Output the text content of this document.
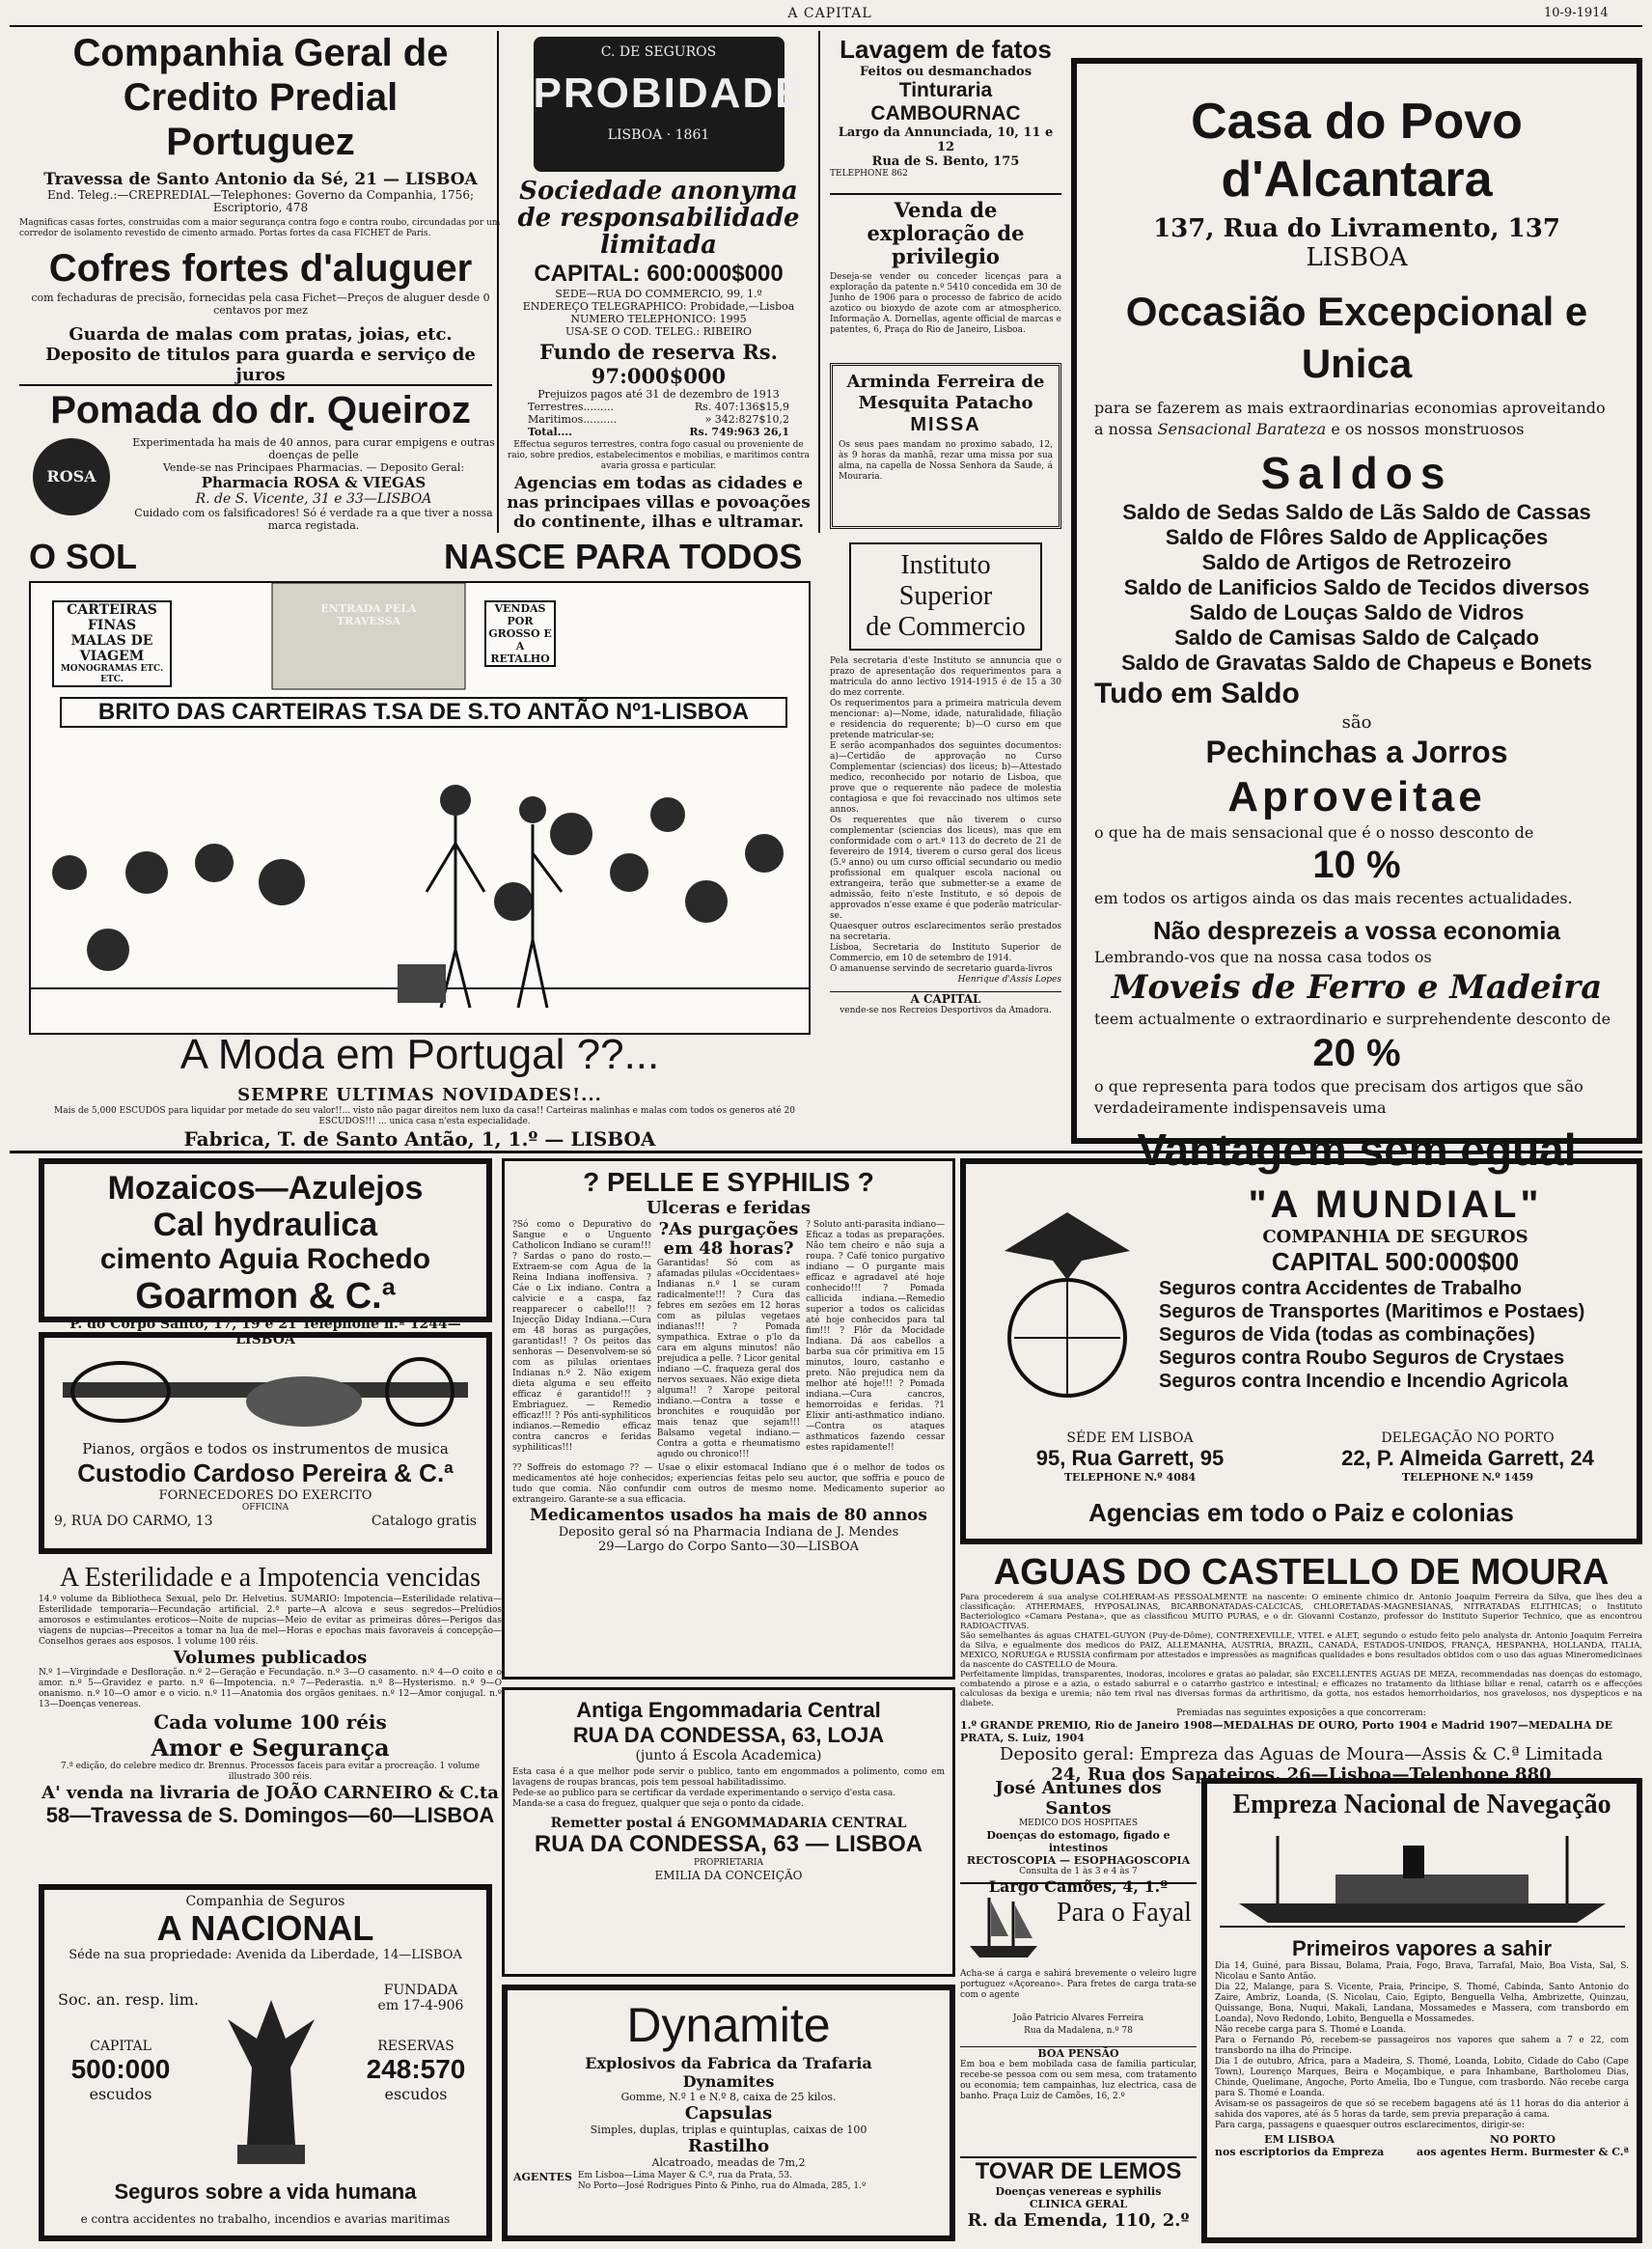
A CAPITAL	10-9-1914
Companhia Geral de Credito Predial
Portuguez
Travessa de Santo Antonio da Sé, 21 — LISBOA
End. Teleg.:—CREPREDIAL—Telephones: Governo da Companhia, 1756; Escriptorio, 478
Magnificas casas fortes, construidas com a maior segurança contra fogo e contra roubo, circundadas por um corredor de isolamento revestido de cimento armado. Portas fortes da casa FICHET de Paris.
Cofres fortes d'aluguer
com fechaduras de precisão, fornecidas pela casa Fichet—Preços de aluguer desde 0 centavos por mez
Guarda de malas com pratas, joias, etc.
Deposito de titulos para guarda e serviço de juros
Pomada do dr. Queiroz
ROSA
Experimentada ha mais de 40 annos, para curar empigens e outras doenças de pelle
Vende-se nas Principaes Pharmacias. — Deposito Geral:
Pharmacia ROSA & VIEGAS
R. de S. Vicente, 31 e 33—LISBOA
Cuidado com os falsificadores! Só é verdade ra a que tiver a nossa marca registada.
C. DE SEGUROS
PROBIDADE
LISBOA · 1861
Sociedade anonyma de responsabilidade limitada
CAPITAL: 600:000$000
SEDE—RUA DO COMMERCIO, 99, 1.º
ENDEREÇO TELEGRAPHICO: Probidade,—Lisboa
NUMERO TELEPHONICO: 1995
USA-SE O COD. TELEG.: RIBEIRO
Fundo de reserva Rs. 97:000$000
Prejuizos pagos até 31 de dezembro de 1913
Terrestres.........	Rs. 407:136$15,9
Maritimos..........	» 342:827$10,2
Total....	Rs. 749:963 26,1
Effectua seguros terrestres, contra fogo casual ou proveniente de raio, sobre predios, estabelecimentos e mobilias, e maritimos contra avaria grossa e particular.
Agencias em todas as cidades e nas principaes villas e povoações do continente, ilhas e ultramar.
Lavagem de fatos
Feitos ou desmanchados
Tinturaria CAMBOURNAC
Largo da Annunciada, 10, 11 e 12
Rua de S. Bento, 175
TELEPHONE 862
Venda de exploração de privilegio
Deseja-se vender ou conceder licenças para a exploração da patente n.º 5410 concedida em 30 de Junho de 1906 para o processo de fabrico de acido azotico ou bioxydo de azote com ar atmospherico. Informação A. Dornellas, agente official de marcas e patentes, 6, Praça do Rio de Janeiro, Lisboa.
Arminda Ferreira de Mesquita Patacho
MISSA
Os seus paes mandam no proximo sabado, 12, às 9 horas da manhã, rezar uma missa por sua alma, na capella de Nossa Senhora da Saude, á Mouraria.
Instituto Superior
de Commercio
Pela secretaria d'este Instituto se annuncia que o prazo de apresentação dos requerimentos para a matricula do anno lectivo 1914-1915 é de 15 a 30 do mez corrente.
Os requerimentos para a primeira matricula devem mencionar: a)—Nome, idade, naturalidade, filiação e residencia do requerente; b)—O curso em que pretende matricular-se;
E serão acompanhados dos seguintes documentos: a)—Certidão de approvação no Curso Complementar (sciencias) dos liceus; b)—Attestado medico, reconhecido por notario de Lisboa, que prove que o requerente não padece de molestia contagiosa e que foi revaccinado nos ultimos sete annos.
Os requerentes que não tiverem o curso complementar (sciencias dos liceus), mas que em conformidade com o art.º 113 do decreto de 21 de fevereiro de 1914, tiverem o curso geral dos liceus (5.º anno) ou um curso official secundario ou medio profissional em qualquer escola nacional ou extrangeira, terão que submetter-se a exame de admissão, feito n'este Instituto, e só depois de approvados n'esse exame é que poderão matricular-se.
Quaesquer outros esclarecimentos serão prestados na secretaria.
Lisboa, Secretaria do Instituto Superior de Commercio, em 10 de setembro de 1914.
O amanuense servindo de secretario guarda-livros
Henrique d'Assis Lopes
A CAPITAL
vende-se nos Recreios Desportivos da Amadora.
O SOL	NASCE PARA TODOS
CARTEIRAS FINAS
MALAS DE VIAGEM
MONOGRAMAS ETC. ETC.
VENDAS POR GROSSO E A RETALHO
ENTRADA PELA TRAVESSA
BRITO DAS CARTEIRAS T.SA DE S.TO ANTÃO Nº1-LISBOA
A Moda em Portugal ??...
SEMPRE ULTIMAS NOVIDADES!...
Mais de 5,000 ESCUDOS para liquidar por metade do seu valor!!... visto não pagar direitos nem luxo da casa!! Carteiras malinhas e malas com todos os generos até 20 ESCUDOS!!! ... unica casa n'esta especialidade.
Fabrica, T. de Santo Antão, 1, 1.º — LISBOA
Casa do Povo d'Alcantara
137, Rua do Livramento, 137
LISBOA
Occasião Excepcional e Unica
para se fazerem as mais extraordinarias economias aproveitando a nossa Sensacional Barateza e os nossos monstruosos
Saldos
Saldo de Sedas Saldo de Lãs Saldo de Cassas
Saldo de Flôres Saldo de Applicações
Saldo de Artigos de Retrozeiro
Saldo de Lanificios Saldo de Tecidos diversos
Saldo de Louças Saldo de Vidros
Saldo de Camisas Saldo de Calçado
Saldo de Gravatas Saldo de Chapeus e Bonets
Tudo em Saldo
são
Pechinchas a Jorros
Aproveitae
o que ha de mais sensacional que é o nosso desconto de
10 %
em todos os artigos ainda os das mais recentes actualidades.
Não desprezeis a vossa economia
Lembrando-vos que na nossa casa todos os
Moveis de Ferro e Madeira
teem actualmente o extraordinario e surprehendente desconto de
20 %
o que representa para todos que precisam dos artigos que são verdadeiramente indispensaveis uma
Vantagem sem egual
Mozaicos—Azulejos
Cal hydraulica
cimento Aguia Rochedo
Goarmon & C.ª
P. do Corpo Santo, 17, 19 e 21 Telephone n.º 1244—LISBOA
Pianos, orgãos e todos os instrumentos de musica
Custodio Cardoso Pereira & C.ª
FORNECEDORES DO EXERCITO
OFFICINA
9, RUA DO CARMO, 13	Catalogo gratis
A Esterilidade e a Impotencia vencidas
14.º volume da Bibliotheca Sexual, pelo Dr. Helvetius. SUMARIO: Impotencia—Esterilidade relativa—Esterilidade temporaria—Fecundação artificial. 2.ª parte—A alcova e seus segredos—Prelúdios amorosos e estimulantes eroticos—Noite de nupcias—Meio de evitar as primeiras dôres—Perigos das viagens de nupcias—Preceitos a tomar na lua de mel—Horas e epochas mais favoraveis á concepção—Conselhos geraes aos esposos. 1 volume 100 réis.
Volumes publicados
N.º 1—Virgindade e Desfloração. n.º 2—Geração e Fecundação. n.º 3—O casamento. n.º 4—O coito e o amor. n.º 5—Gravidez e parto. n.º 6—Impotencia. n.º 7—Pederastia. n.º 8—Hysterismo. n.º 9—O onanismo. n.º 10—O amor e o vicio. n.º 11—Anatomia dos orgãos genitaes. n.º 12—Amor conjugal. n.º 13—Doenças venereas.
Cada volume 100 réis
Amor e Segurança
7.ª edição, do celebre medico dr. Brennus. Processos faceis para evitar a procreação. 1 volume illustrado 300 réis.
A' venda na livraria de JOÃO CARNEIRO & C.ta
58—Travessa de S. Domingos—60—LISBOA
Companhia de Seguros
A NACIONAL
Séde na sua propriedade: Avenida da Liberdade, 14—LISBOA
Soc. an. resp. lim.	FUNDADA
em 17-4-906
CAPITAL
500:000
escudos
RESERVAS
248:570
escudos
Seguros sobre a vida humana
e contra accidentes no trabalho, incendios e avarias maritimas
? PELLE E SYPHILIS ?
Ulceras e feridas
?Só como o Depurativo do Sangue e o Unguento Catholicon Indiano se curam!!! ? Sardas o pano do rosto.—Extraem-se com Agua de la Reina Indiana inoffensiva. ? Cáe o Lix indiano. Contra a calvicie e a caspa, faz reapparecer o cabello!!! ? Injecção Diday Indiana.—Cura em 48 horas as purgações, garantidas!! ? Os peitos das senhoras — Desenvolvem-se só com as pilulas orientaes Indianas n.º 2. Não exigem dieta alguma e seu effeito efficaz é garantido!!! ? Embriaguez. — Remedio efficaz!!! ? Pós anti-syphiliticos indianos.—Remedio efficaz contra cancros e feridas syphiliticas!!!
?As purgações em 48 horas?
Garantidas! Só com as afamadas pilulas «Occidentaes» Indianas n.º 1 se curam radicalmente!!! ? Cura das febres em sezões em 12 horas com as pilulas vegetaes indianas!!! ? Pomada sympathica. Extrae o p'lo da cara em alguns minutos! não prejudica a pelle. ? Licor genital indiano —C. fraqueza geral dos nervos sexuaes. Não exige dieta alguma!! ? Xarope peitoral indiano.—Contra a tosse e bronchites e rouquidão por mais tenaz que sejam!!! Balsamo vegetal indiano.—Contra a gotta e rheumatismo agudo ou chronico!!!
? Soluto anti-parasita indiano—Eficaz a todas as preparações. Não tem cheiro e não suja a roupa. ? Café tonico purgativo indiano — O purgante mais efficaz e agradavel até hoje conhecido!!! ? Pomada callicida indiana.—Remedio superior a todos os calicidas até hoje conhecidos para tal fim!!! ? Flôr da Mocidade Indiana. Dá aos cabellos a barba sua côr primitiva em 15 minutos, louro, castanho e preto. Não prejudica nem da melhor até hoje!!! ? Pomada indiana.—Cura cancros, hemorroidas e feridas. ?1 Elixir anti-asthmatico indiano.—Contra os ataques asthmaticos fazendo cessar estes rapidamente!!
?? Soffreis do estomago ?? — Usae o elixir estomacal Indiano que é o melhor de todos os medicamentos até hoje conhecidos; experiencias feitas pelo seu auctor, que soffria e pouco de tudo que comia. Não confundir com outros de mesmo nome. Medicamento superior ao extrangeiro. Garante-se a sua efficacia.
Medicamentos usados ha mais de 80 annos
Deposito geral só na Pharmacia Indiana de J. Mendes
29—Largo do Corpo Santo—30—LISBOA
Antiga Engommadaria Central
RUA DA CONDESSA, 63, LOJA
(junto á Escola Academica)
Esta casa é a que melhor pode servir o publico, tanto em engommados a polimento, como em lavagens de roupas brancas, pois tem pessoal habilitadissimo.
Pede-se ao publico para se certificar da verdade experimentando o serviço d'esta casa.
Manda-se a casa do freguez, qualquer que seja o ponto da cidade.
Remetter postal á ENGOMMADARIA CENTRAL
RUA DA CONDESSA, 63 — LISBOA
PROPRIETARIA
EMILIA DA CONCEIÇÃO
Dynamite
Explosivos da Fabrica da Trafaria
Dynamites
Gomme, N.º 1 e N.º 8, caixa de 25 kilos.
Capsulas
Simples, duplas, triplas e quintuplas, caixas de 100
Rastilho
Alcatroado, meadas de 7m,2
AGENTES Em Lisboa—Lima Mayer & C.ª, rua da Prata, 53.
No Porto—José Rodrigues Pinto & Pinho, rua do Almada, 285, 1.º
"A MUNDIAL"
COMPANHIA DE SEGUROS
CAPITAL 500:000$00
Seguros contra Accidentes de Trabalho
Seguros de Transportes (Maritimos e Postaes)
Seguros de Vida (todas as combinações)
Seguros contra Roubo Seguros de Crystaes
Seguros contra Incendio e Incendio Agricola
SÉDE EM LISBOA
95, Rua Garrett, 95
TELEPHONE N.º 4084
DELEGAÇÃO NO PORTO
22, P. Almeida Garrett, 24
TELEPHONE N.º 1459
Agencias em todo o Paiz e colonias
AGUAS DO CASTELLO DE MOURA
Para procederem á sua analyse COLHERAM-AS PESSOALMENTE na nascente: O eminente chimico dr. Antonio Joaquim Ferreira da Silva, que lhes deu a classificação: ATHERMAES, HYPOSALINAS, BICARBONATADAS-CALCICAS, CHLORETADAS-MAGNESIANAS, NITRATADAS ELITHICAS; o Instituto Bacteriologico «Camara Pestana», que as classificou MUITO PURAS, e o dr. Giovanni Costanzo, professor do Instituto Superior Technico, que as encontrou RADIOACTIVAS.
São semelhantes ás aguas CHATEL-GUYON (Puy-de-Dôme), CONTREXEVILLE, VITEL e ALET, segundo o estudo feito pelo analysta dr. Antonio Joaquim Ferreira da Silva, e egualmente dos medicos do PAIZ, ALLEMANHA, AUSTRIA, BRAZIL, CANADÁ, ESTADOS-UNIDOS, FRANÇA, HESPANHA, HOLLANDA, ITALIA, MEXICO, NORUEGA e RUSSIA confirmam por attestados e impressões as magnificas qualidades e bons resultados obtidos com o uso das aguas Mineromedicinaes da nascente do CASTELLO de Moura.
Perfeitamente limpidas, transparentes, inodoras, incolores e gratas ao paladar, são EXCELLENTES AGUAS DE MEZA, recommendadas nas doenças do estomago, combatendo a pirose e a azia, o estado saburral e o catarrho gastrico e intestinal; e efficazes no tratamento da lithiase biliar e renal, catarrh os e affecções calculosas da bexiga e uremia; não tem rival nas diversas formas da arthritismo, da gotta, nos estados hemorrhoidarios, nos gravelosos, nos dyspepticos e na diabete.
Premiadas nas seguintes exposições a que concorreram:
1.º GRANDE PREMIO, Rio de Janeiro 1908—MEDALHAS DE OURO, Porto 1904 e Madrid 1907—MEDALHA DE PRATA, S. Luiz, 1904
Deposito geral: Empreza das Aguas de Moura—Assis & C.ª Limitada
24, Rua dos Sapateiros, 26—Lisboa—Telephone 880
José Antunes dos Santos
MEDICO DOS HOSPITAES
Doenças do estomago, figado e intestinos
RECTOSCOPIA — ESOPHAGOSCOPIA
Consulta de 1 às 3 e 4 às 7
Largo Camões, 4, 1.º
Para o Fayal
Acha-se á carga e sahirá brevemente o veleiro lugre portuguez «Açoreano». Para fretes de carga trata-se com o agente
João Patricio Alvares Ferreira
Rua da Madalena, n.º 78
BOA PENSÃO
Em boa e bem mobilada casa de familia particular, recebe-se pessoa com ou sem mesa, com tratamento ou economia; tem campainhas, luz electrica, casa de banho. Praça Luiz de Camões, 16, 2.º
TOVAR DE LEMOS
Doenças venereas e syphilis
CLINICA GERAL
R. da Emenda, 110, 2.º
Empreza Nacional de Navegação
Primeiros vapores a sahir
Dia 14, Guiné, para Bissau, Bolama, Praia, Fogo, Brava, Tarrafal, Maio, Boa Vista, Sal, S. Nicolau e Santo Antão.
Dia 22, Malange, para S. Vicente, Praia, Principe, S. Thomé, Cabinda, Santo Antonio do Zaire, Ambriz, Loanda, (S. Nicolau, Caio, Egipto, Benguella Velha, Ambrizette, Quinzau, Quissange, Bona, Nuqui, Makali, Landana, Mossamedes e Massera, com transbordo em Loanda), Novo Redondo, Lobito, Benguella e Mossamedes.
Não recebe carga para S. Thomé e Loanda.
Para o Fernando Pó, recebem-se passageiros nos vapores que sahem a 7 e 22, com transbordo na ilha do Principe.
Dia 1 de outubro, Africa, para a Madeira, S. Thomé, Loanda, Lobito, Cidade do Cabo (Cape Town), Lourenço Marques, Beira e Moçambique, e para Inhambane, Bartholomeu Dias, Chinde, Quelimane, Angoche, Porto Amelia, Ibo e Tungue, com trasbordo. Não recebe carga para S. Thomé e Loanda.
Avisam-se os passageiros de que só se recebem bagagens até ás 11 horas do dia anterior á sahida dos vapores, até ás 5 horas da tarde, sem previa preparação á cama.
Para carga, passagens e quaesquer outros esclarecimentos, dirigir-se:
EM LISBOA
nos escriptorios da Empreza
NO PORTO
aos agentes Herm. Burmester & C.ª
